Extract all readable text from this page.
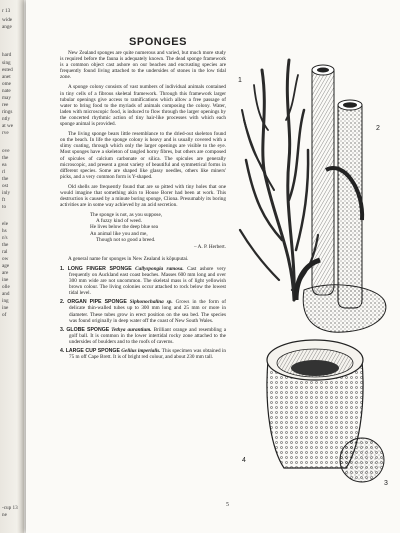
r 13
wide
ange
hard
sing
ested
anet
ome
nate
may
ree
rings
ntly
at we
rve
ove
the
ea
rl
the
ost
inly
ft
to
ele
hs
n's
the
ral
ow
age
are
ine
olle
and
ing
ine
of
-cup 13
ne
SPONGES

New Zealand sponges are quite numerous and varied, but much more study is required before the fauna is adequately known. The dead sponge framework is a common object cast ashore on our beaches and encrusting species are frequently found living attached to the undersides of stones in the low tidal zone.

A sponge colony consists of vast numbers of individual animals contained in tiny cells of a fibrous skeletal framework. Through this framework larger tubular openings give access to ramifications which allow a free passage of water to bring food to the myriads of animals composing the colony. Water, laden with microscopic food, is induced to flow through the larger openings by the concerted rhythmic action of tiny hair-like processes with which each sponge animal is provided.

The living sponge bears little resemblance to the dried-out skeleton found on the beach. In life the sponge colony is heavy and is usually covered with a slimy coating, through which only the larger openings are visible to the eye. Most sponges have a skeleton of tangled horny fibres, but others are composed of spicules of calcium carbonate or silica. The spicules are generally microscopic, and present a great variety of beautiful and symmetrical forms in different species. Some are shaped like glassy needles, others like miners' picks, and a very common form is Y-shaped.

Old shells are frequently found that are so pitted with tiny holes that one would imagine that something akin to House Borer had been at work. This destruction is caused by a minute boring sponge, Cliona. Presumably its boring activities are in some way achieved by an acid secretion.

The sponge is not, as you suppose,
A fuzzy kind of weed.
He lives below the deep blue sea
An animal like you and me,
Though not so good a breed.
– A. P. Herbert.

A general name for sponges in New Zealand is kōpuputai.

1. LONG FINGER SPONGE Callyspongia ramosa. Cast ashore very frequently on Auckland east coast beaches. Masses 600 mm long and over 300 mm wide are not uncommon. The skeletal mass is of light yellowish brown colour. The living colonies occur attached to rock below the lowest tidal level.
2. ORGAN PIPE SPONGE Siphonochalina sp. Grows in the form of delicate thin-walled tubes up to 300 mm long and 25 mm or more in diameter. These tubes grow in erect position on the sea bed. The species was found originally in deep water off the coast of New South Wales.
3. GLOBE SPONGE Tethya aurantium. Brilliant orange and resembling a golf ball. It is common in the lower intertidal rocky zone attached to the undersides of boulders and to the roofs of caverns.
4. LARGE CUP SPONGE Geliius imperialis. This specimen was obtained in 75 m off Cape Brett. It is of bright red colour, and about 230 mm tall.
1
2
4
3
5
